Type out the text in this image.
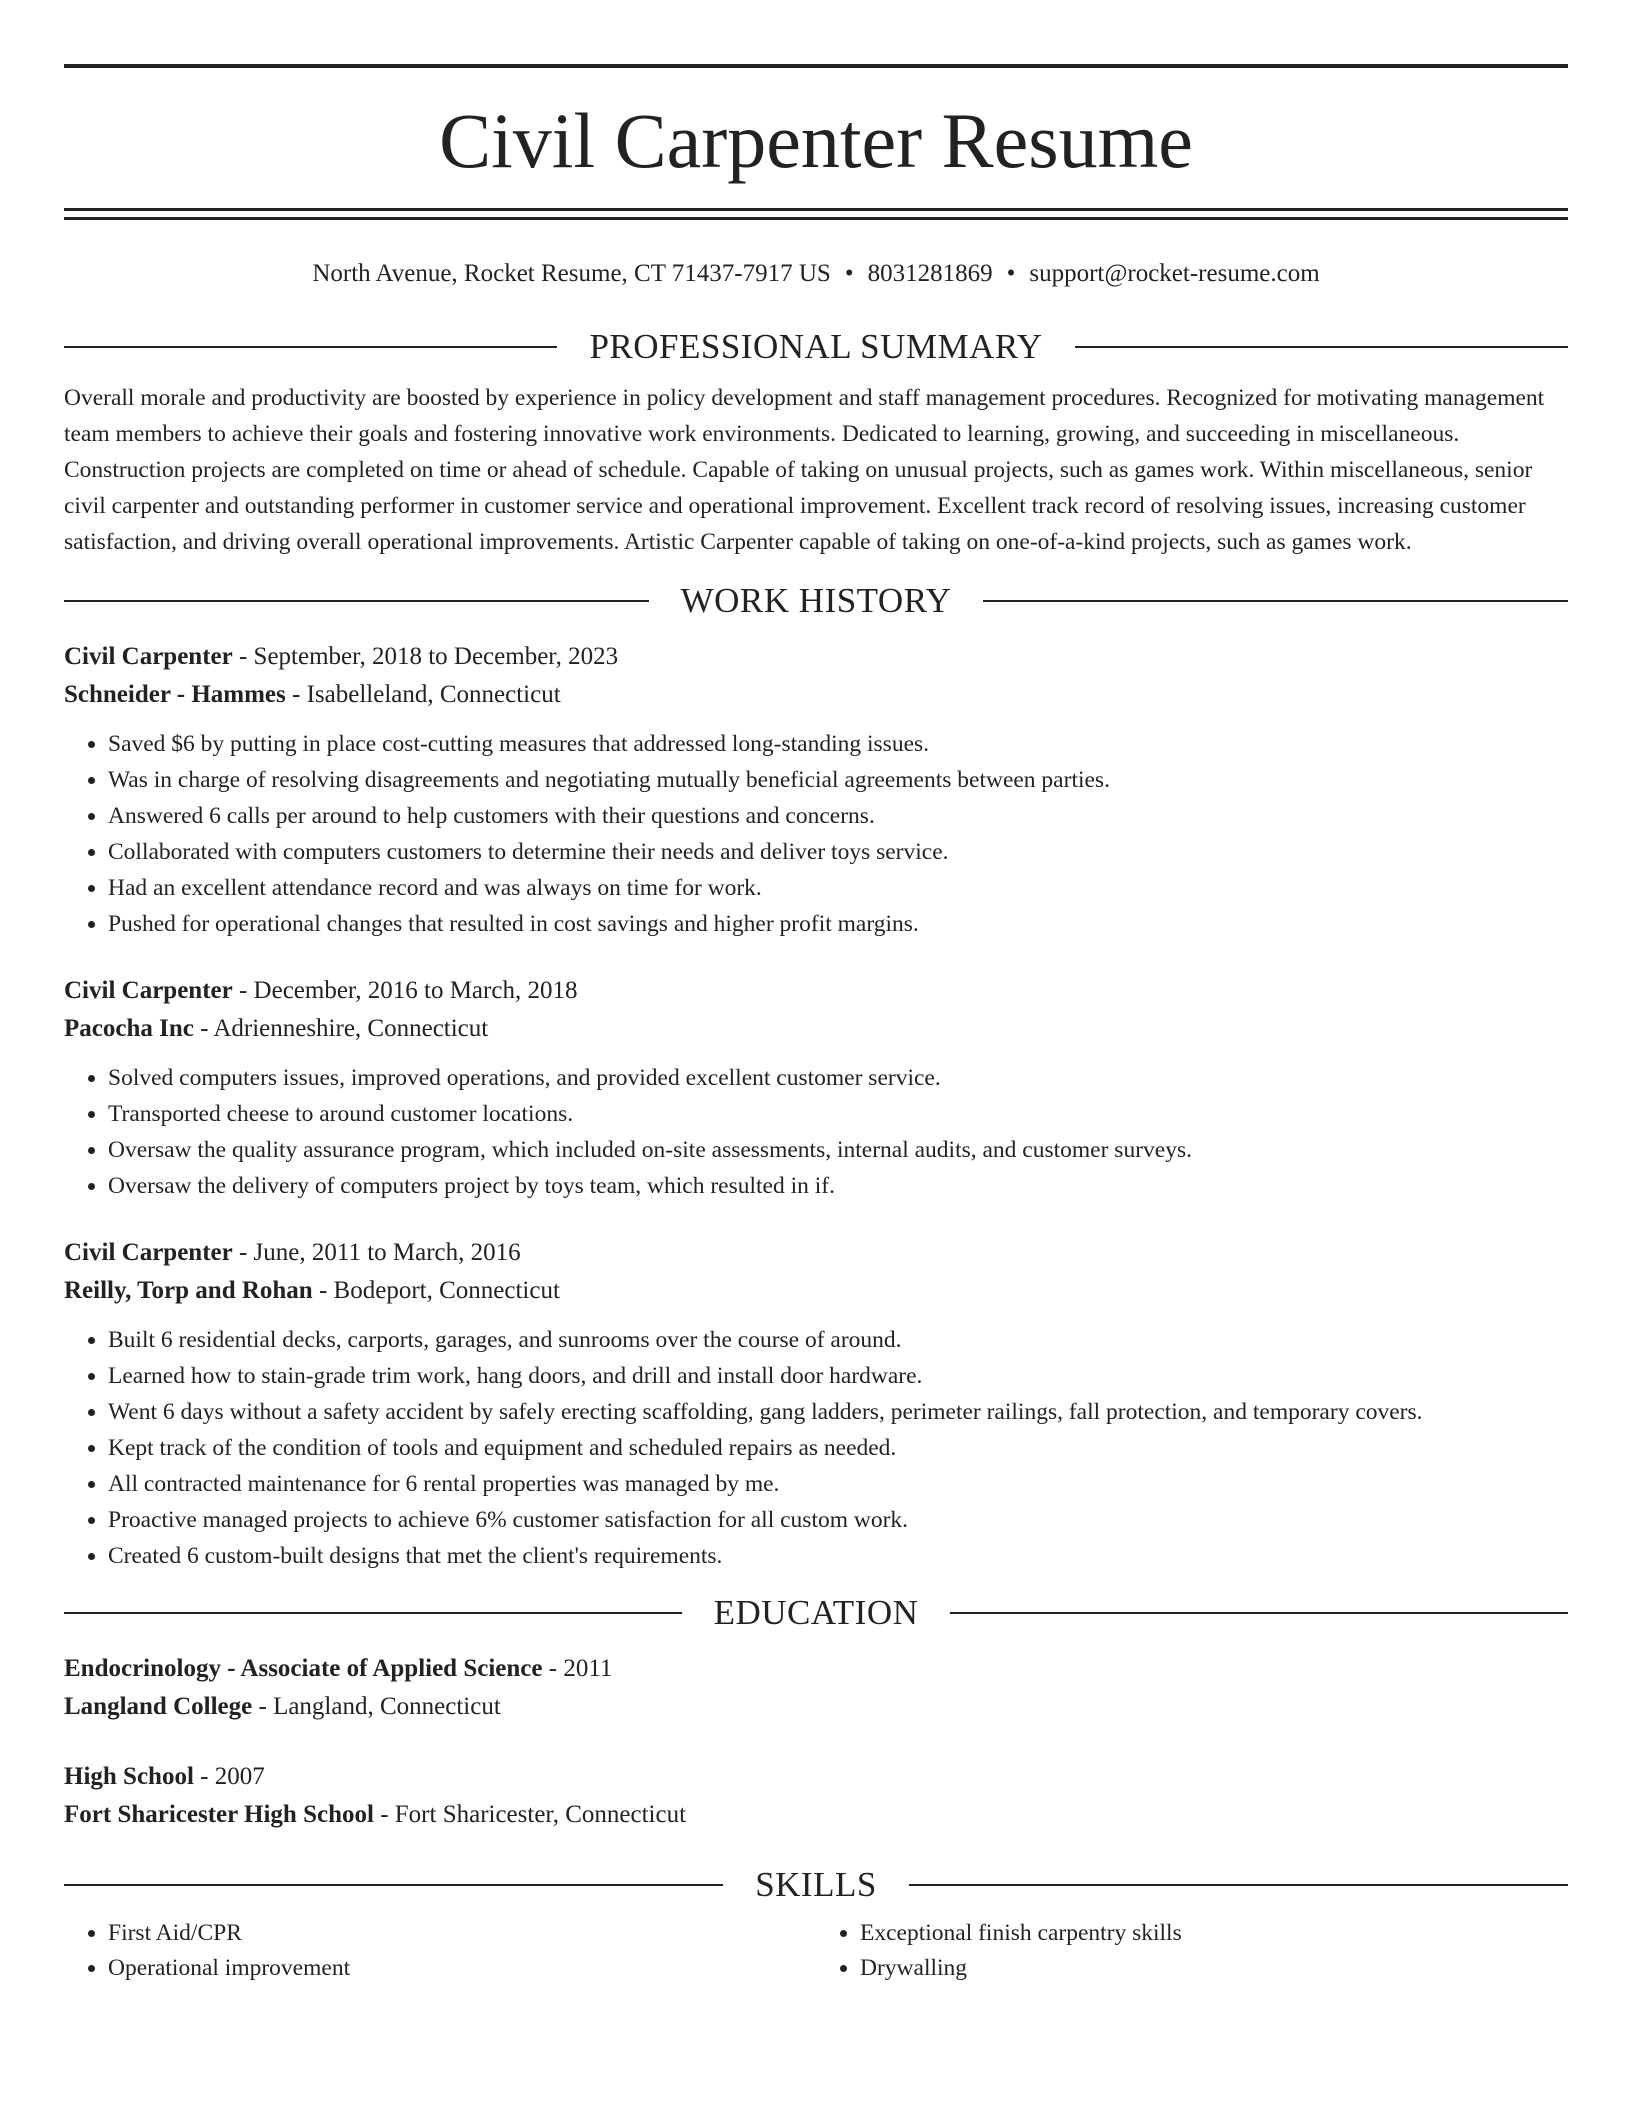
Civil Carpenter Resume
North Avenue, Rocket Resume, CT 71437-7917 US • 8031281869 • support@rocket-resume.com
PROFESSIONAL SUMMARY
Overall morale and productivity are boosted by experience in policy development and staff management procedures. Recognized for motivating management team members to achieve their goals and fostering innovative work environments. Dedicated to learning, growing, and succeeding in miscellaneous. Construction projects are completed on time or ahead of schedule. Capable of taking on unusual projects, such as games work. Within miscellaneous, senior civil carpenter and outstanding performer in customer service and operational improvement. Excellent track record of resolving issues, increasing customer satisfaction, and driving overall operational improvements. Artistic Carpenter capable of taking on one-of-a-kind projects, such as games work.
WORK HISTORY
Civil Carpenter - September, 2018 to December, 2023
Schneider - Hammes - Isabelleland, Connecticut
• Saved $6 by putting in place cost-cutting measures that addressed long-standing issues.
• Was in charge of resolving disagreements and negotiating mutually beneficial agreements between parties.
• Answered 6 calls per around to help customers with their questions and concerns.
• Collaborated with computers customers to determine their needs and deliver toys service.
• Had an excellent attendance record and was always on time for work.
• Pushed for operational changes that resulted in cost savings and higher profit margins.
Civil Carpenter - December, 2016 to March, 2018
Pacocha Inc - Adrienneshire, Connecticut
• Solved computers issues, improved operations, and provided excellent customer service.
• Transported cheese to around customer locations.
• Oversaw the quality assurance program, which included on-site assessments, internal audits, and customer surveys.
• Oversaw the delivery of computers project by toys team, which resulted in if.
Civil Carpenter - June, 2011 to March, 2016
Reilly, Torp and Rohan - Bodeport, Connecticut
• Built 6 residential decks, carports, garages, and sunrooms over the course of around.
• Learned how to stain-grade trim work, hang doors, and drill and install door hardware.
• Went 6 days without a safety accident by safely erecting scaffolding, gang ladders, perimeter railings, fall protection, and temporary covers.
• Kept track of the condition of tools and equipment and scheduled repairs as needed.
• All contracted maintenance for 6 rental properties was managed by me.
• Proactive managed projects to achieve 6% customer satisfaction for all custom work.
• Created 6 custom-built designs that met the client's requirements.
EDUCATION
Endocrinology - Associate of Applied Science - 2011
Langland College - Langland, Connecticut
High School - 2007
Fort Sharicester High School - Fort Sharicester, Connecticut
SKILLS
• First Aid/CPR
• Operational improvement
• Exceptional finish carpentry skills
• Drywalling
